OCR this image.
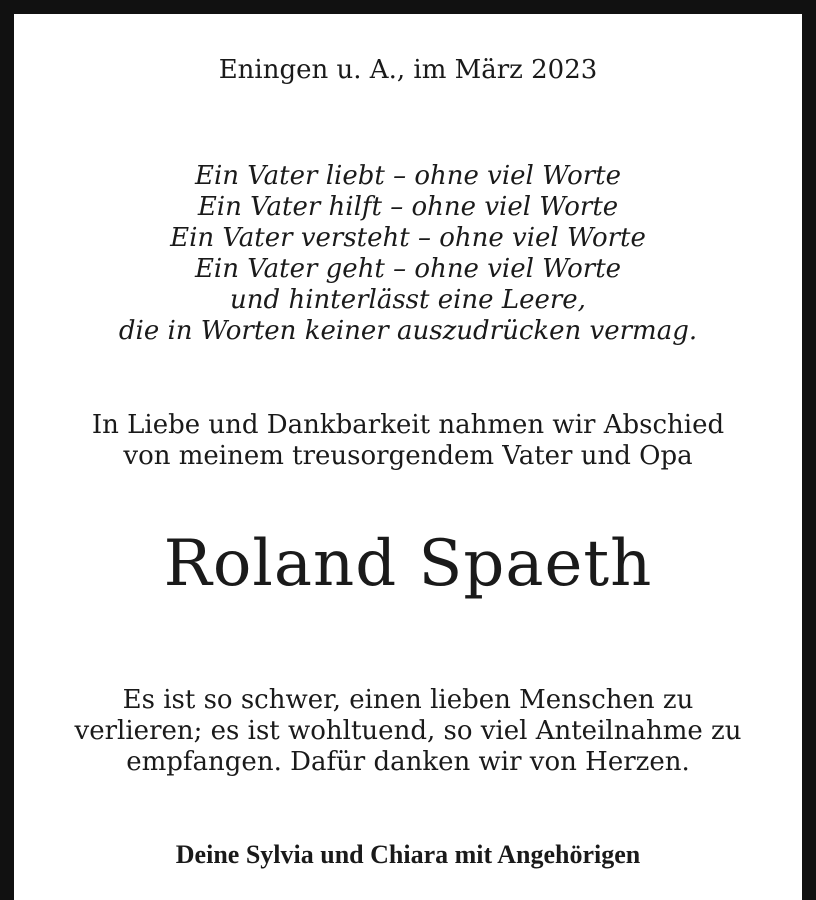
Eningen u. A., im März 2023
Ein Vater liebt – ohne viel Worte
Ein Vater hilft – ohne viel Worte
Ein Vater versteht – ohne viel Worte
Ein Vater geht – ohne viel Worte
und hinterlässt eine Leere,
die in Worten keiner auszudrücken vermag.
In Liebe und Dankbarkeit nahmen wir Abschied
von meinem treusorgendem Vater und Opa
Roland Spaeth
Es ist so schwer, einen lieben Menschen zu
verlieren; es ist wohltuend, so viel Anteilnahme zu
empfangen. Dafür danken wir von Herzen.
Deine Sylvia und Chiara mit Angehörigen
